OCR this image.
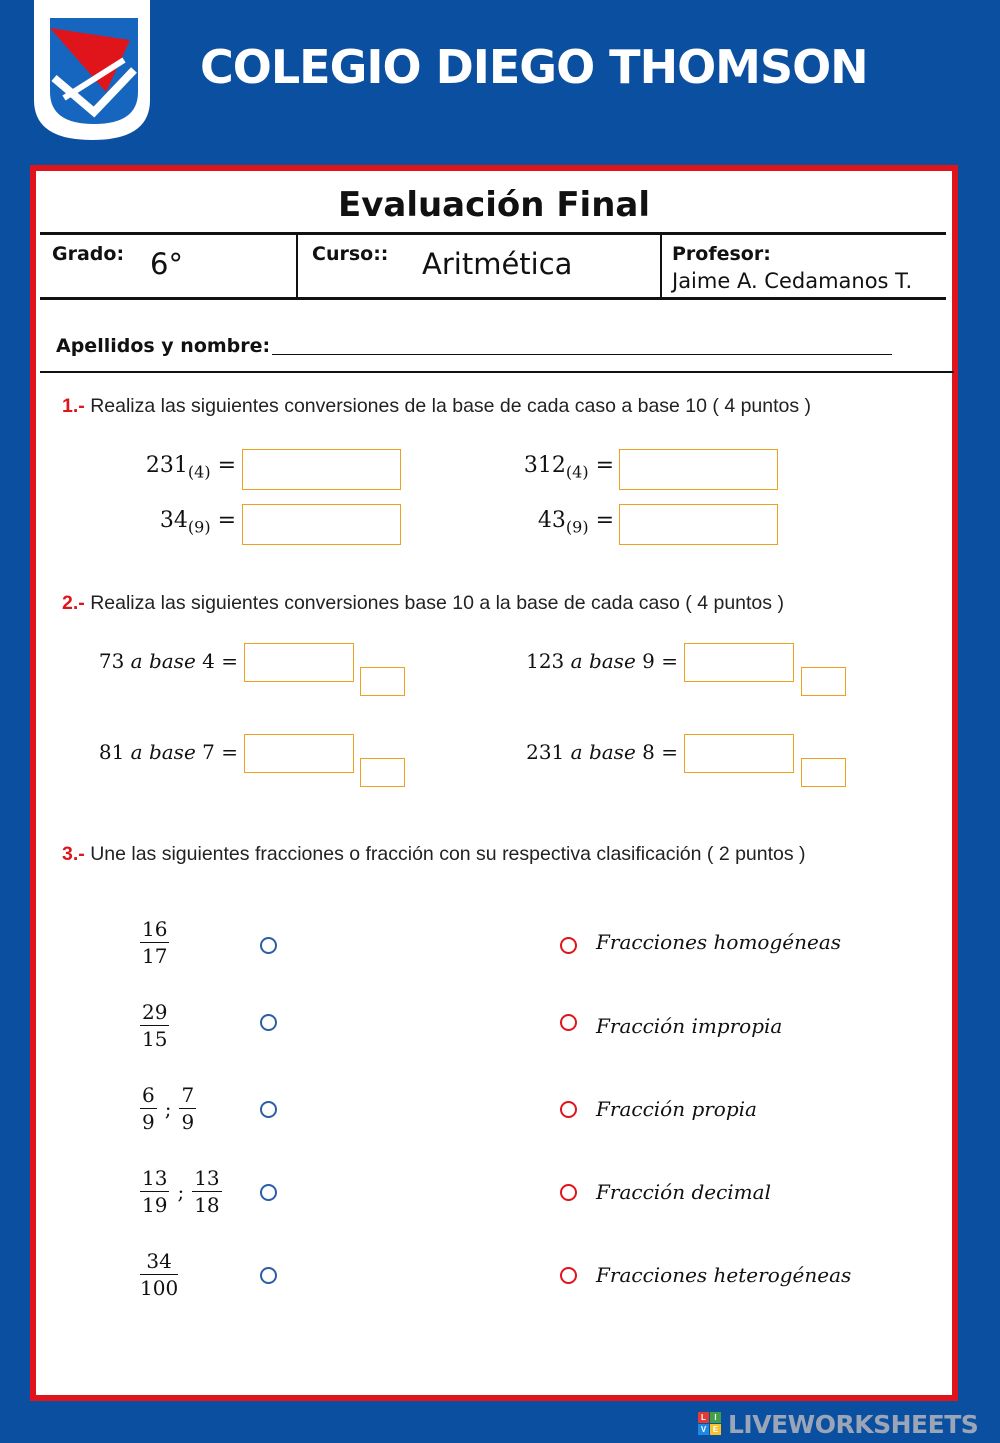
COLEGIO DIEGO THOMSON
Evaluación Final
Grado: 6°	Curso:: Aritmética	Profesor:
Jaime A. Cedamanos T.
Apellidos y nombre:
1.- Realiza las siguientes conversiones de la base de cada caso a base 10 ( 4 puntos )
$231_{(4)}$ =	$312_{(4)}$ =
$34_{(9)}$ =	$43_{(9)}$ =
2.- Realiza las siguientes conversiones base 10 a la base de cada caso ( 4 puntos )
73 a base 4 =	123 a base 9 =
81 a base 7 =	231 a base 8 =
3.- Une las siguientes fracciones o fracción con su respectiva clasificación ( 2 puntos )
$\frac{16}{17}$
$\frac{29}{15}$
$\frac{6}{9}$ ; $\frac{7}{9}$
$\frac{13}{19}$ ; $\frac{13}{18}$
$\frac{34}{100}$
Fracciones homogéneas
Fracción impropia
Fracción propia
Fracción decimal
Fracciones heterogéneas
L	I
V E LIVEWORKSHEETS
